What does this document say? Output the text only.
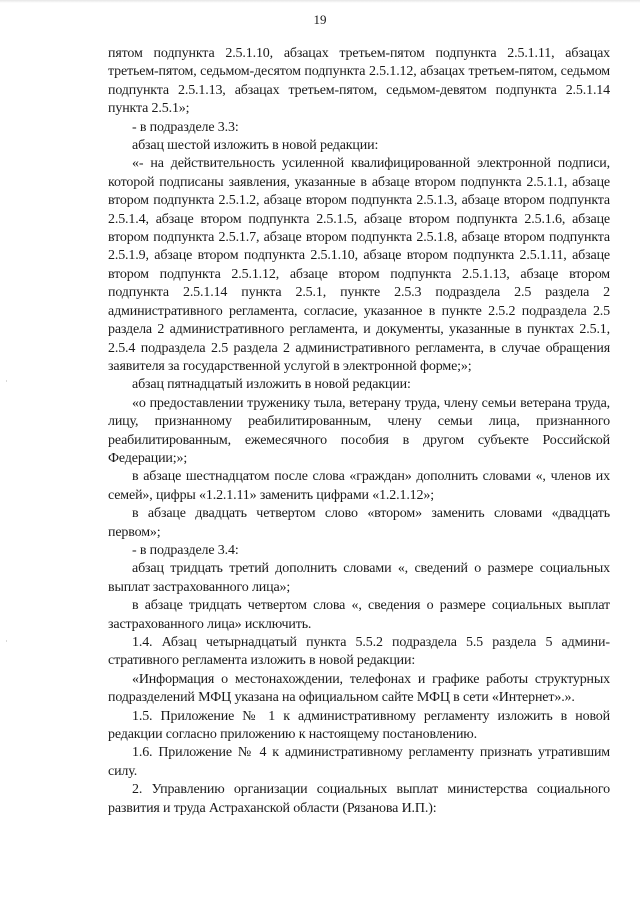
19

пятом подпункта 2.5.1.10, абзацах третьем-пятом подпункта 2.5.1.11, абзацах третьем-пятом, седьмом-десятом подпункта 2.5.1.12, абзацах третьем-пятом, седьмом подпункта 2.5.1.13, абзацах третьем-пятом, седьмом-девятом подпункта 2.5.1.14 пункта 2.5.1»;

- в подразделе 3.3:

абзац шестой изложить в новой редакции:

«- на действительность усиленной квалифицированной электронной подписи, которой подписаны заявления, указанные в абзаце втором подпункта 2.5.1.1, абзаце втором подпункта 2.5.1.2, абзаце втором подпункта 2.5.1.3, абзаце втором подпункта 2.5.1.4, абзаце втором подпункта 2.5.1.5, абзаце втором подпункта 2.5.1.6, абзаце втором подпункта 2.5.1.7, абзаце втором подпункта 2.5.1.8, абзаце втором подпункта 2.5.1.9, абзаце втором подпункта 2.5.1.10, абзаце втором подпункта 2.5.1.11, абзаце втором подпункта 2.5.1.12, абзаце втором подпункта 2.5.1.13, абзаце втором подпункта 2.5.1.14 пункта 2.5.1, пункте 2.5.3 подраздела 2.5 раздела 2 административного регламента, согласие, указанное в пункте 2.5.2 подраздела 2.5 раздела 2 административного регламента, и документы, указанные в пунктах 2.5.1, 2.5.4 подраздела 2.5 раздела 2 административного регламента, в случае обращения заявителя за государственной услугой в электронной форме;»;

абзац пятнадцатый изложить в новой редакции:

«о предоставлении труженику тыла, ветерану труда, члену семьи ветерана труда, лицу, признанному реабилитированным, члену семьи лица, признанного реабилитированным, ежемесячного пособия в другом субъекте Российской Федерации;»;

в абзаце шестнадцатом после слова «граждан» дополнить словами «, членов их семей», цифры «1.2.1.11» заменить цифрами «1.2.1.12»;

в абзаце двадцать четвертом слово «втором» заменить словами «двадцать первом»;

- в подразделе 3.4:

абзац тридцать третий дополнить словами «, сведений о размере социальных выплат застрахованного лица»;

в абзаце тридцать четвертом слова «, сведения о размере социальных выплат застрахованного лица» исключить.

1.4. Абзац четырнадцатый пункта 5.5.2 подраздела 5.5 раздела 5 административного регламента изложить в новой редакции:

«Информация о местонахождении, телефонах и графике работы структурных подразделений МФЦ указана на официальном сайте МФЦ в сети «Интернет».».

1.5. Приложение № 1 к административному регламенту изложить в новой редакции согласно приложению к настоящему постановлению.

1.6. Приложение № 4 к административному регламенту признать утратившим силу.

2. Управлению организации социальных выплат министерства социального развития и труда Астраханской области (Рязанова И.П.):
